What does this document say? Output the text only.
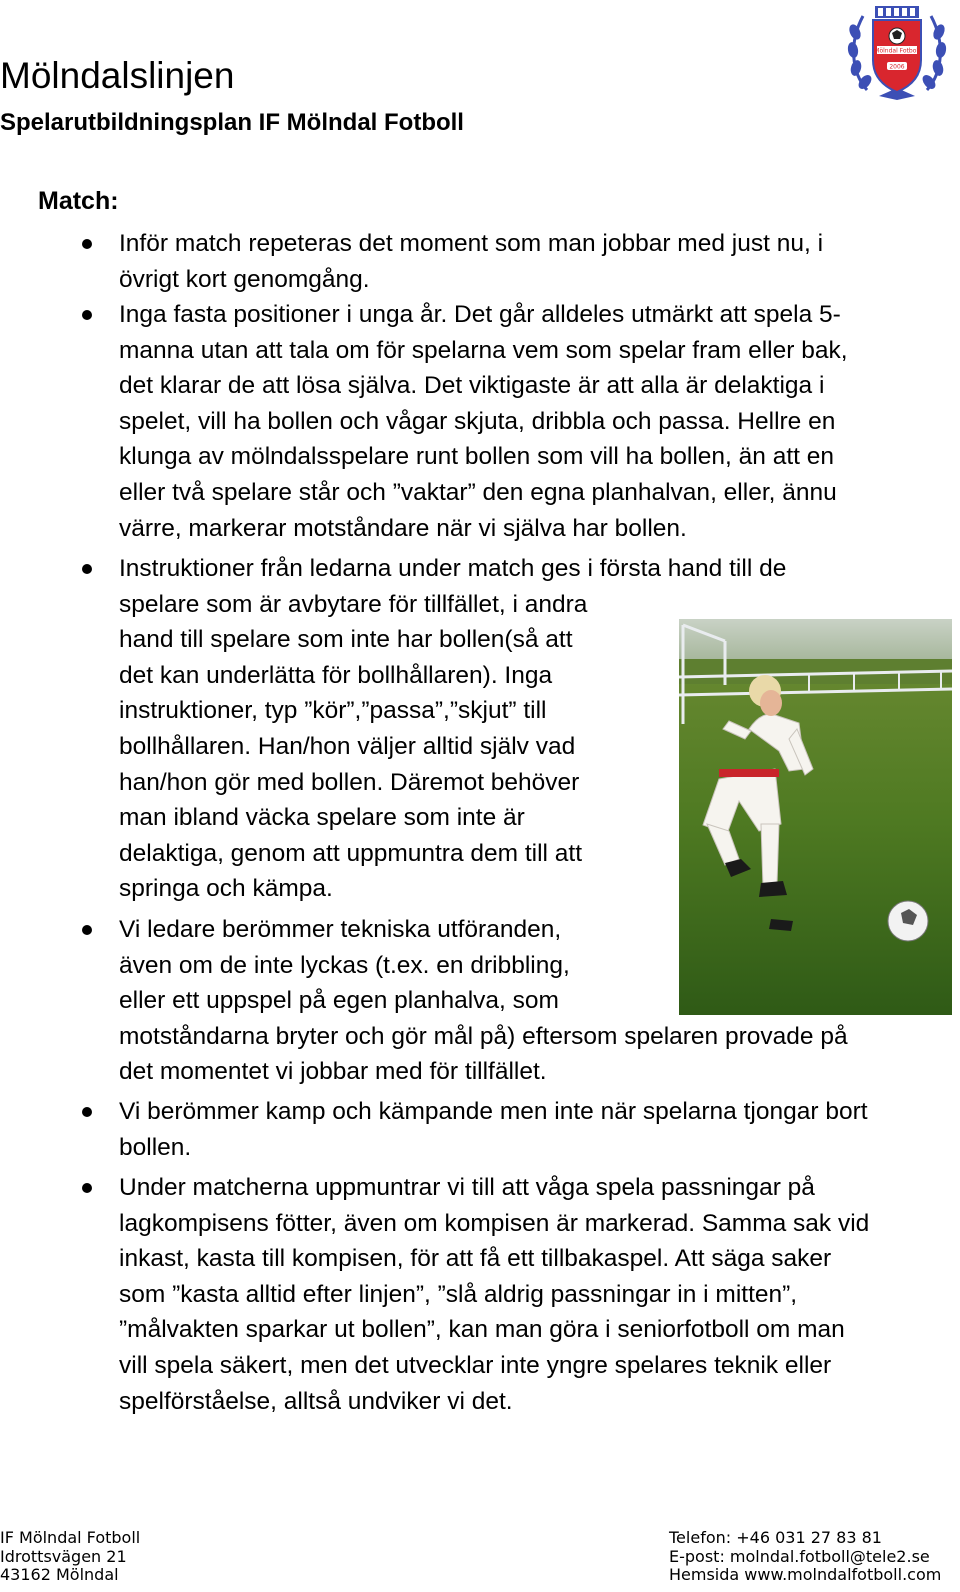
Mölndalslinjen
Spelarutbildningsplan IF Mölndal Fotboll
Mölndal Fotboll
2006
Match:

Inför match repeteras det moment som man jobbar med just nu, i
övrigt kort genomgång.

Inga fasta positioner i unga år. Det går alldeles utmärkt att spela 5-
manna utan att tala om för spelarna vem som spelar fram eller bak,
det klarar de att lösa själva. Det viktigaste är att alla är delaktiga i
spelet, vill ha bollen och vågar skjuta, dribbla och passa. Hellre en
klunga av mölndalsspelare runt bollen som vill ha bollen, än att en
eller två spelare står och ”vaktar” den egna planhalvan, eller, ännu
värre, markerar motståndare när vi själva har bollen.

Instruktioner från ledarna under match ges i första hand till de
spelare som är avbytare för tillfället, i andra
hand till spelare som inte har bollen(så att
det kan underlätta för bollhållaren). Inga
instruktioner, typ ”kör”,”passa”,”skjut” till
bollhållaren. Han/hon väljer alltid själv vad
han/hon gör med bollen. Däremot behöver
man ibland väcka spelare som inte är
delaktiga, genom att uppmuntra dem till att
springa och kämpa.

Vi ledare berömmer tekniska utföranden,
även om de inte lyckas (t.ex. en dribbling,
eller ett uppspel på egen planhalva, som
motståndarna bryter och gör mål på) eftersom spelaren provade på
det momentet vi jobbar med för tillfället.

Vi berömmer kamp och kämpande men inte när spelarna tjongar bort
bollen.

Under matcherna uppmuntrar vi till att våga spela passningar på
lagkompisens fötter, även om kompisen är markerad. Samma sak vid
inkast, kasta till kompisen, för att få ett tillbakaspel. Att säga saker
som ”kasta alltid efter linjen”, ”slå aldrig passningar in i mitten”,
”målvakten sparkar ut bollen”, kan man göra i seniorfotboll om man
vill spela säkert, men det utvecklar inte yngre spelares teknik eller
spelförståelse, alltså undviker vi det.

IF Mölndal Fotboll
Idrottsvägen 21
43162 Mölndal
Telefon: +46 031 27 83 81
E-post: molndal.fotboll@tele2.se
Hemsida www.molndalfotboll.com
